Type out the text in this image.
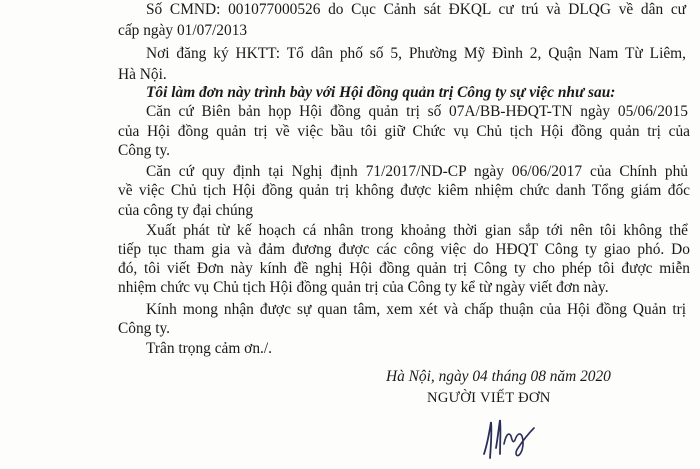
Số CMND: 001077000526 do Cục Cảnh sát ĐKQL cư trú và DLQG về dân cư
cấp ngày 01/07/2013
Nơi đăng ký HKTT: Tổ dân phố số 5, Phường Mỹ Đình 2, Quận Nam Từ Liêm,
Hà Nội.
Tôi làm đơn này trình bày với Hội đồng quản trị Công ty sự việc như sau:
Căn cứ Biên bản họp Hội đồng quản trị số 07A/BB-HĐQT-TN ngày 05/06/2015
của Hội đồng quản trị về việc bầu tôi giữ Chức vụ Chủ tịch Hội đồng quản trị của
Công ty.
Căn cứ quy định tại Nghị định 71/2017/ND-CP ngày 06/06/2017 của Chính phủ
về việc Chủ tịch Hội đồng quản trị không được kiêm nhiệm chức danh Tổng giám đốc
của công ty đại chúng
Xuất phát từ kế hoạch cá nhân trong khoảng thời gian sắp tới nên tôi không thể
tiếp tục tham gia và đảm đương được các công việc do HĐQT Công ty giao phó. Do
đó, tôi viết Đơn này kính đề nghị Hội đồng quản trị Công ty cho phép tôi được miễn
nhiệm chức vụ Chủ tịch Hội đồng quản trị của Công ty kể từ ngày viết đơn này.
Kính mong nhận được sự quan tâm, xem xét và chấp thuận của Hội đồng Quản trị
Công ty.
Trân trọng cảm ơn./.
Hà Nội, ngày 04 tháng 08 năm 2020
NGƯỜI VIẾT ĐƠN
